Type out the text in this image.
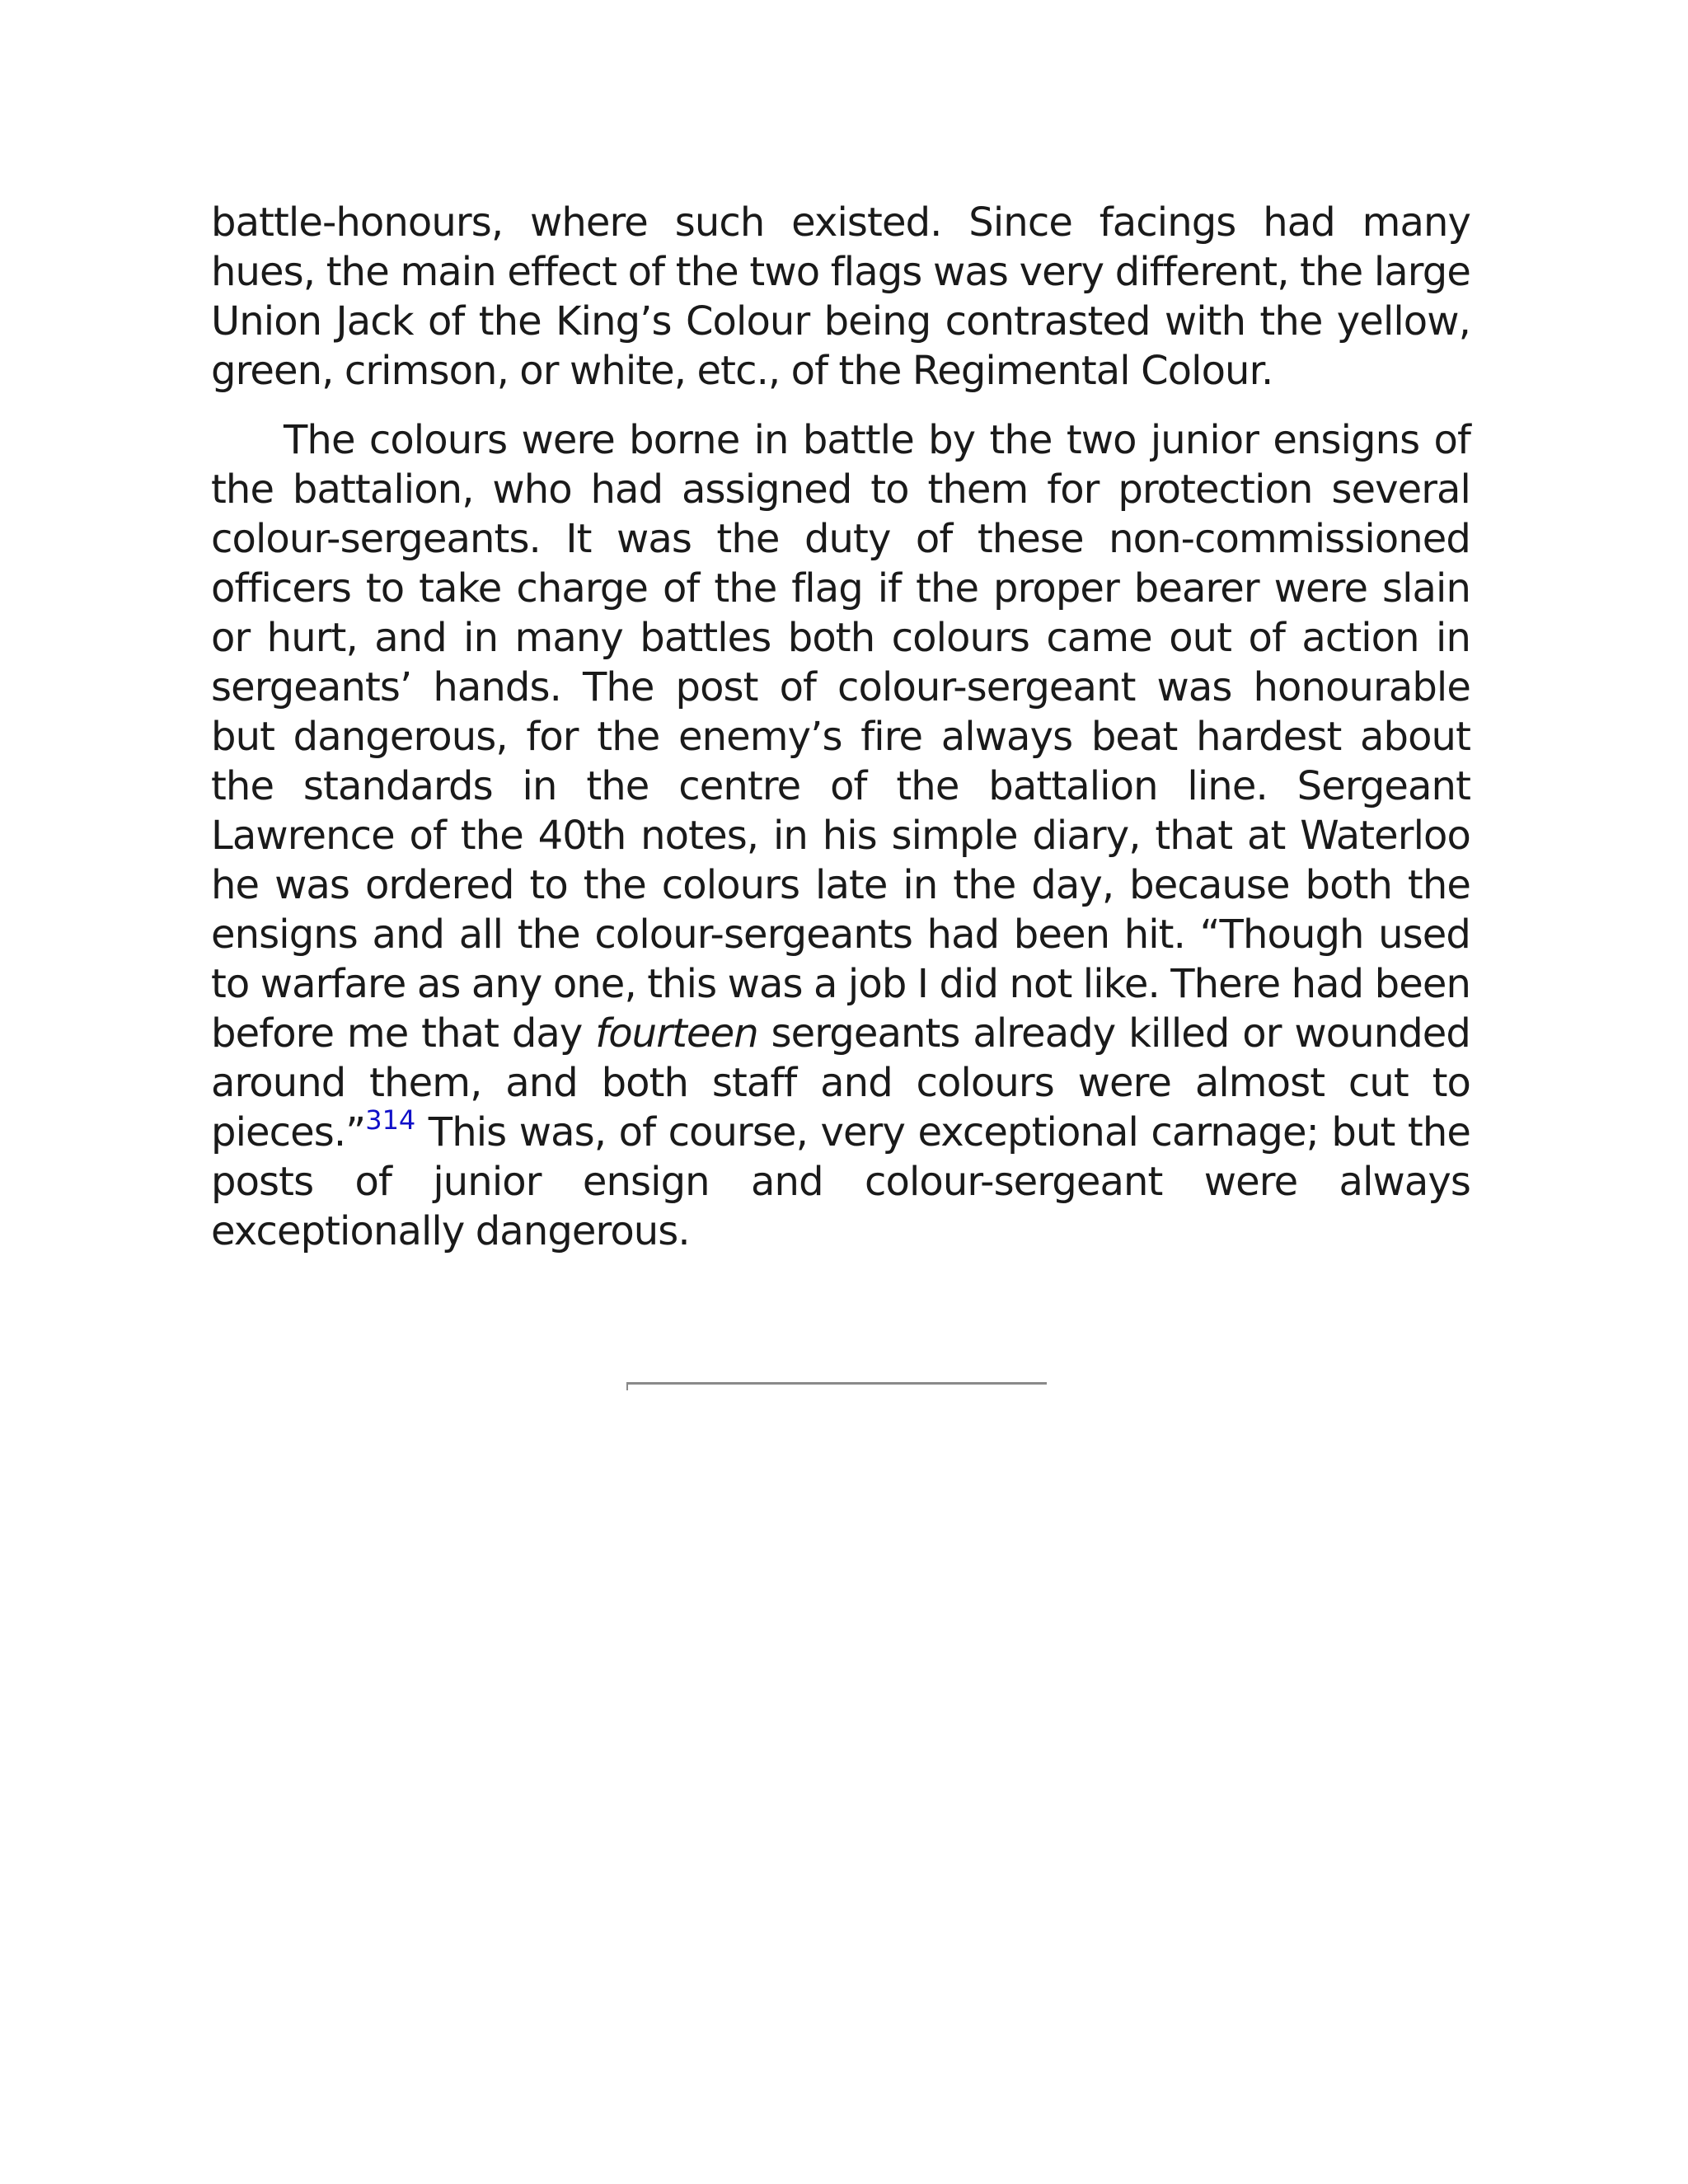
battle-honours, where such existed. Since facings had many hues, the main effect of the two flags was very different, the large Union Jack of the King’s Colour being contrasted with the yellow, green, crimson, or white, etc., of the Regimental Colour.

The colours were borne in battle by the two junior ensigns of the battalion, who had assigned to them for protection several colour-sergeants. It was the duty of these non-commissioned officers to take charge of the flag if the proper bearer were slain or hurt, and in many battles both colours came out of action in sergeants’ hands. The post of colour-sergeant was honourable but dangerous, for the enemy’s fire always beat hardest about the standards in the centre of the battalion line. Sergeant Lawrence of the 40th notes, in his simple diary, that at Waterloo he was ordered to the colours late in the day, because both the ensigns and all the colour-sergeants had been hit. “Though used to warfare as any one, this was a job I did not like. There had been before me that day fourteen sergeants already killed or wounded around them, and both staff and colours were almost cut to pieces.”$^{314}$ This was, of course, very exceptional carnage; but the posts of junior ensign and colour-sergeant were always exceptionally dangerous.
